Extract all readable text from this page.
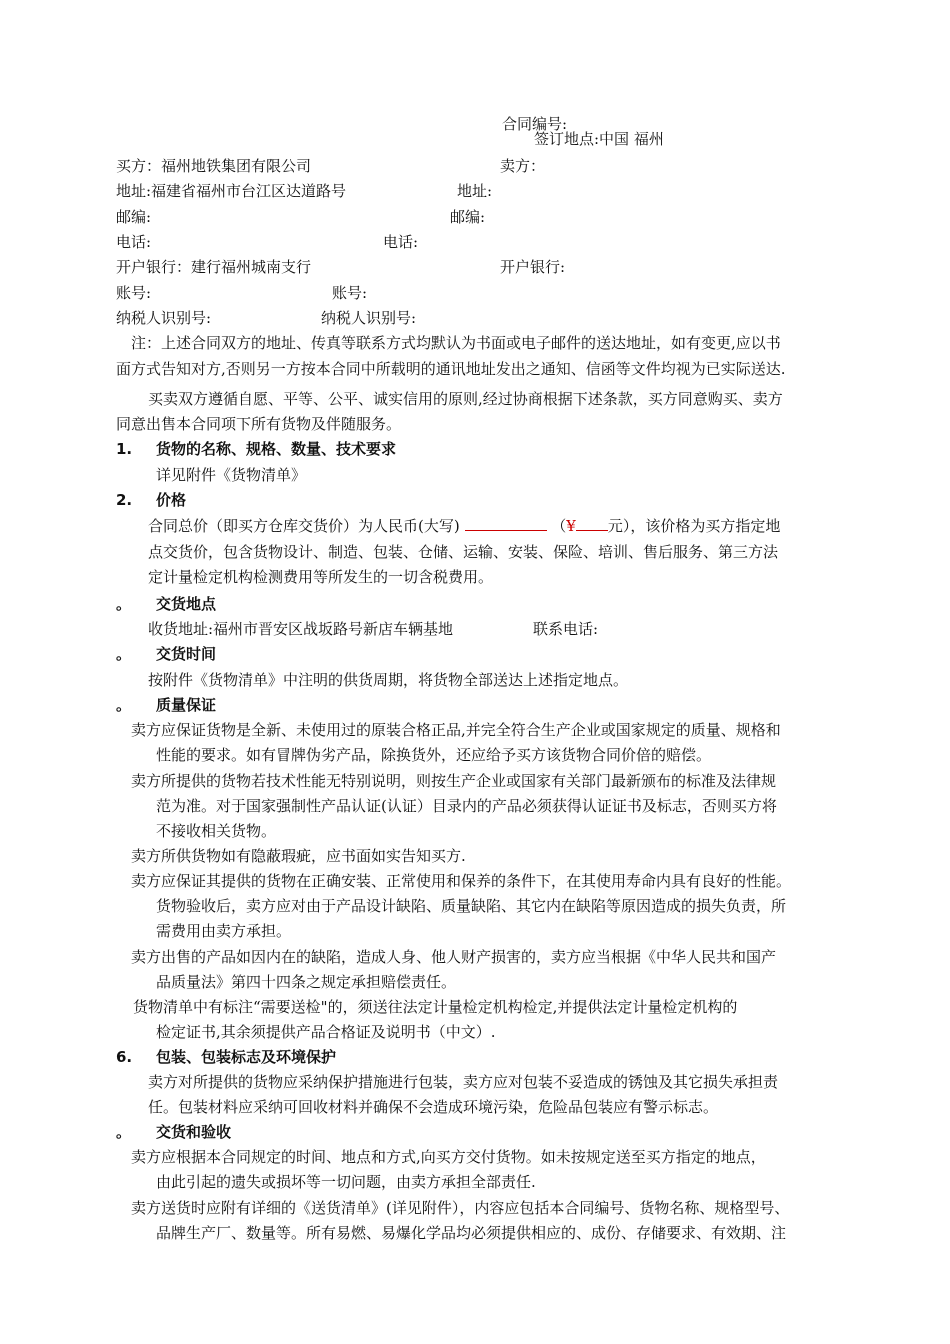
合同编号:
签订地点:中国 福州
买方：福州地铁集团有限公司	卖方：
地址:福建省福州市台江区达道路号	地址:
邮编:	邮编:
电话:	电话:
开户银行：建行福州城南支行	开户银行:
账号:	账号:
纳税人识别号:	纳税人识别号:
注：上述合同双方的地址、传真等联系方式均默认为书面或电子邮件的送达地址，如有变更,应以书
面方式告知对方,否则另一方按本合同中所载明的通讯地址发出之通知、信函等文件均视为已实际送达.
买卖双方遵循自愿、平等、公平、诚实信用的原则,经过协商根据下述条款，买方同意购买、卖方
同意出售本合同项下所有货物及伴随服务。
1. 货物的名称、规格、数量、技术要求
详见附件《货物清单》
2. 价格
合同总价（即买方仓库交货价）为人民币(大写)	（¥ 元），该价格为买方指定地
点交货价，包含货物设计、制造、包装、仓储、运输、安装、保险、培训、售后服务、第三方法
定计量检定机构检测费用等所发生的一切含税费用。
。 交货地点
收货地址:福州市晋安区战坂路号新店车辆基地	联系电话:
。 交货时间
按附件《货物清单》中注明的供货周期，将货物全部送达上述指定地点。
。 质量保证
卖方应保证货物是全新、未使用过的原装合格正品,并完全符合生产企业或国家规定的质量、规格和
性能的要求。如有冒牌伪劣产品，除换货外，还应给予买方该货物合同价倍的赔偿。
卖方所提供的货物若技术性能无特别说明，则按生产企业或国家有关部门最新颁布的标准及法律规
范为准。对于国家强制性产品认证(认证）目录内的产品必须获得认证证书及标志，否则买方将
不接收相关货物。
卖方所供货物如有隐蔽瑕疵，应书面如实告知买方.
卖方应保证其提供的货物在正确安装、正常使用和保养的条件下，在其使用寿命内具有良好的性能。
货物验收后，卖方应对由于产品设计缺陷、质量缺陷、其它内在缺陷等原因造成的损失负责，所
需费用由卖方承担。
卖方出售的产品如因内在的缺陷，造成人身、他人财产损害的，卖方应当根据《中华人民共和国产
品质量法》第四十四条之规定承担赔偿责任。
货物清单中有标注“需要送检"的，须送往法定计量检定机构检定,并提供法定计量检定机构的
检定证书,其余须提供产品合格证及说明书（中文）.
6. 包装、包装标志及环境保护
卖方对所提供的货物应采纳保护措施进行包装，卖方应对包装不妥造成的锈蚀及其它损失承担责
任。包装材料应采纳可回收材料并确保不会造成环境污染，危险品包装应有警示标志。
。 交货和验收
卖方应根据本合同规定的时间、地点和方式,向买方交付货物。如未按规定送至买方指定的地点，
由此引起的遗失或损坏等一切问题，由卖方承担全部责任.
卖方送货时应附有详细的《送货清单》(详见附件），内容应包括本合同编号、货物名称、规格型号、
品牌生产厂、数量等。所有易燃、易爆化学品均必须提供相应的、成份、存储要求、有效期、注
